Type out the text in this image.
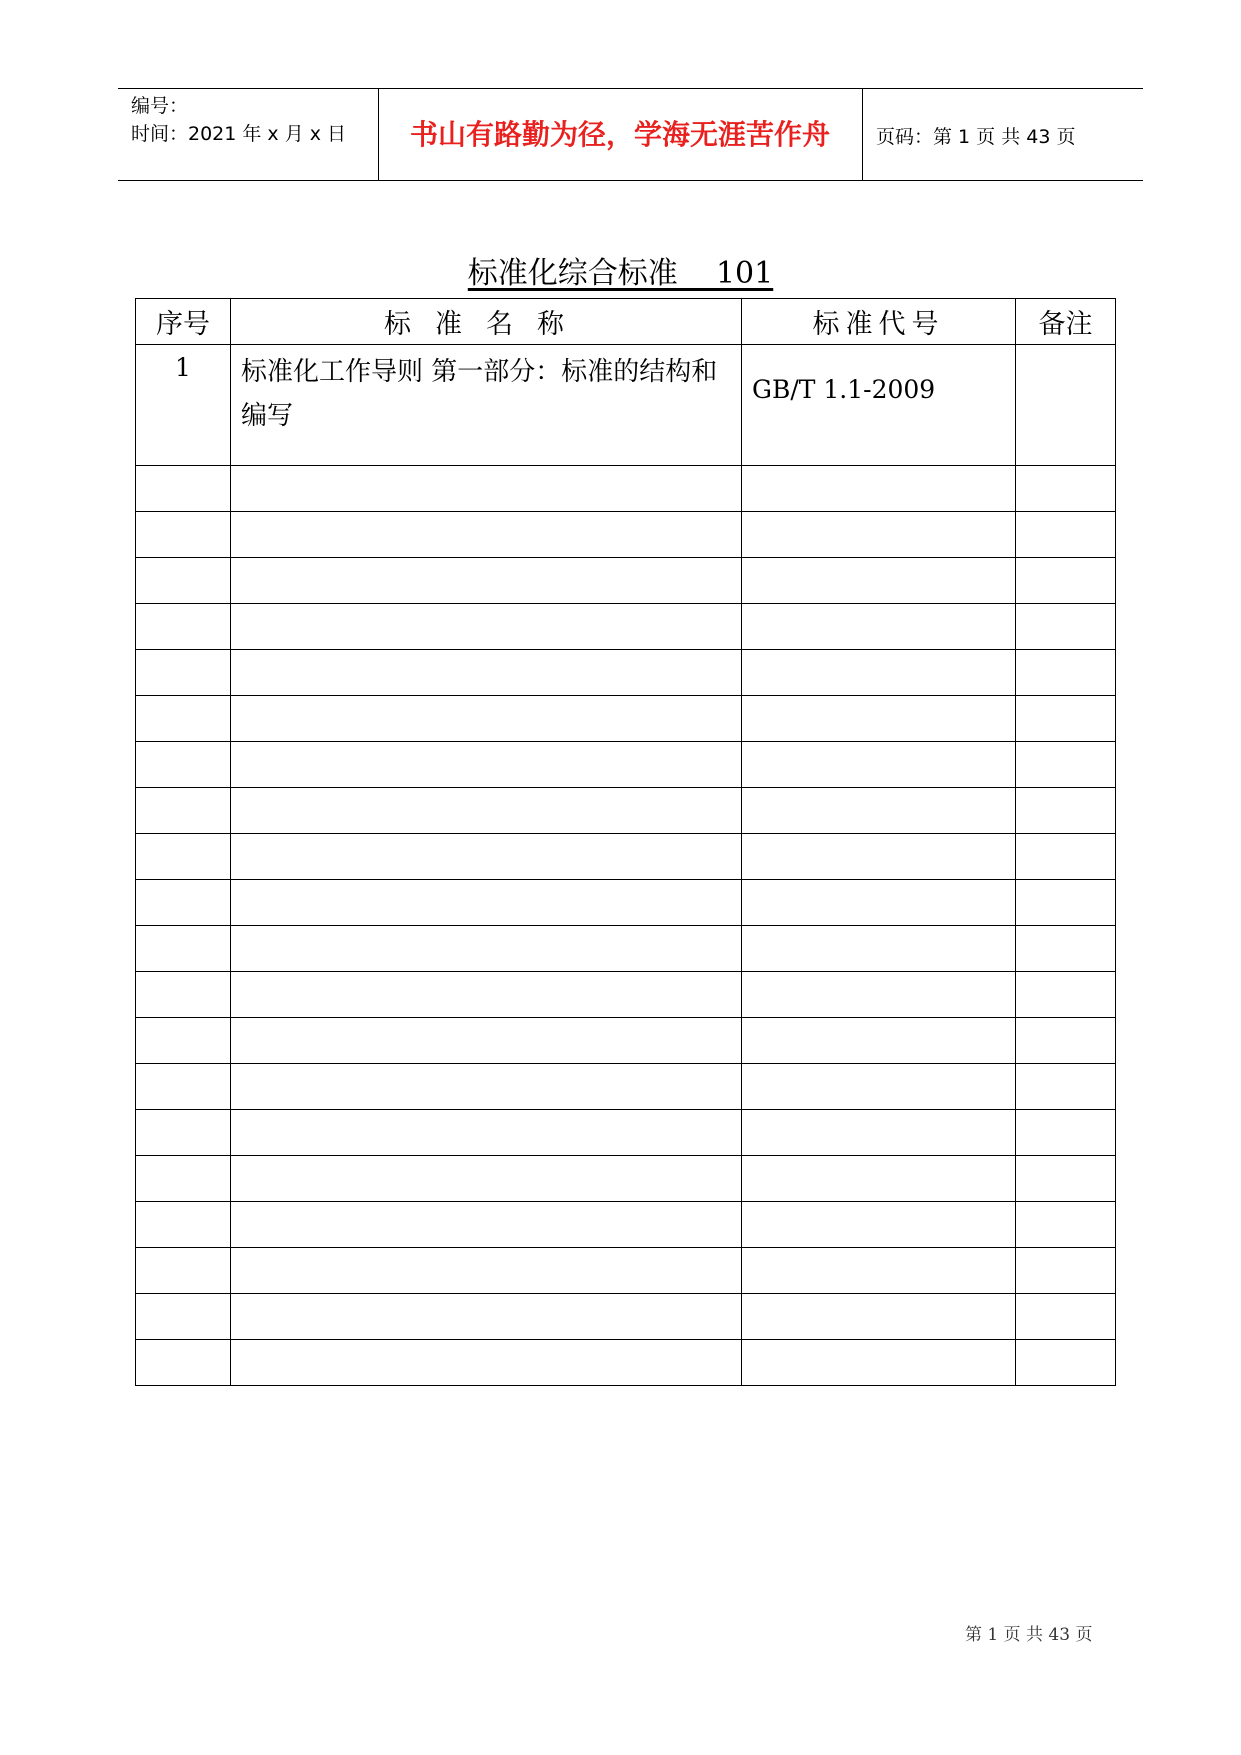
编号：
时间：2021 年 x 月 x 日	书山有路勤为径，学海无涯苦作舟	页码：第 1 页 共 43 页
标准化综合标准    101
序号	标准名称	标准代号	备注
1	标准化工作导则 第一部分：标准的结构和编写	GB/T 1.1-2009	

第 1 页 共 43 页
